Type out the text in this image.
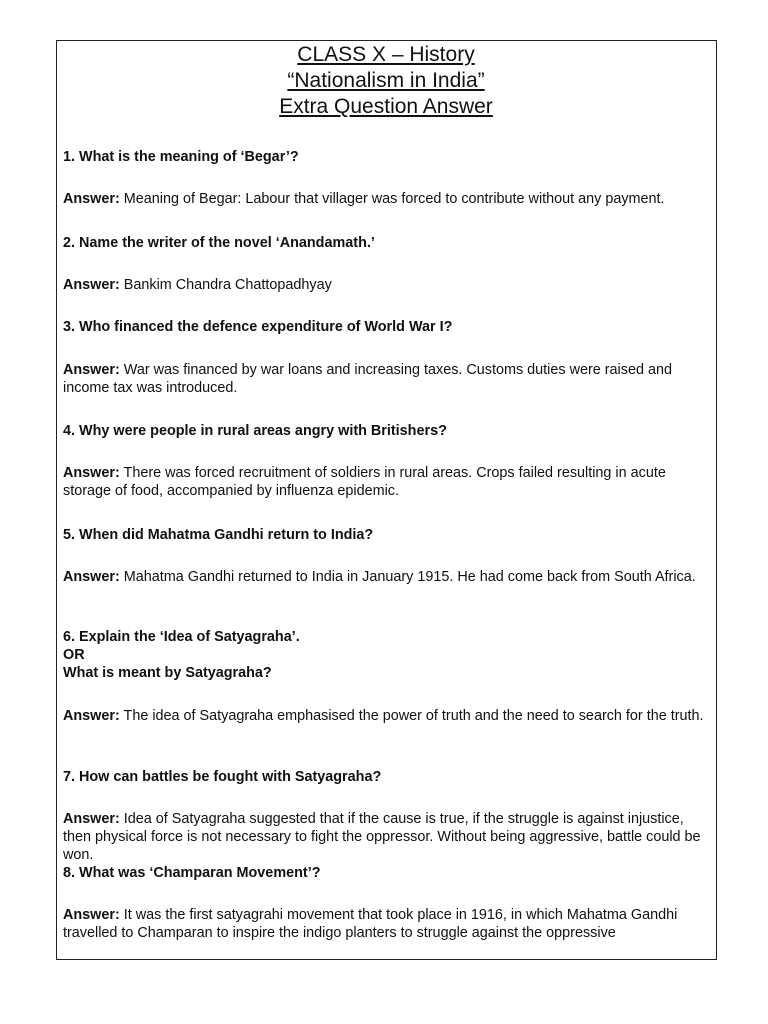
CLASS X – History
“Nationalism in India”
Extra Question Answer

1. What is the meaning of ‘Begar’?

Answer: Meaning of Begar: Labour that villager was forced to contribute without any payment.

2. Name the writer of the novel ‘Anandamath.’

Answer: Bankim Chandra Chattopadhyay

3. Who financed the defence expenditure of World War I?

Answer: War was financed by war loans and increasing taxes. Customs duties were raised and income tax was introduced.

4. Why were people in rural areas angry with Britishers?

Answer: There was forced recruitment of soldiers in rural areas. Crops failed resulting in acute storage of food, accompanied by influenza epidemic.

5. When did Mahatma Gandhi return to India?

Answer: Mahatma Gandhi returned to India in January 1915. He had come back from South Africa.

6. Explain the ‘Idea of Satyagraha’.

OR

What is meant by Satyagraha?

Answer: The idea of Satyagraha emphasised the power of truth and the need to search for the truth.

7. How can battles be fought with Satyagraha?

Answer: Idea of Satyagraha suggested that if the cause is true, if the struggle is against injustice, then physical force is not necessary to fight the oppressor. Without being aggressive, battle could be won.

8. What was ‘Champaran Movement’?

Answer: It was the first satyagrahi movement that took place in 1916, in which Mahatma Gandhi travelled to Champaran to inspire the indigo planters to struggle against the oppressive
